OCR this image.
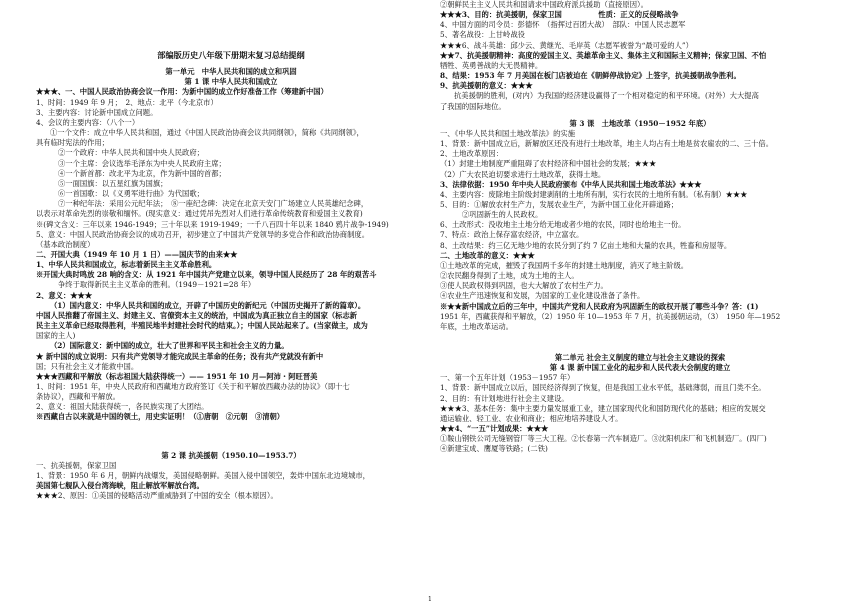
部编版历史八年级下册期末复习总结提纲
第一单元　中华人民共和国的成立和巩固
第 1 课 中华人民共和国成立
★★★、一、中国人民政治协商会议一作用：为新中国的成立作好准备工作（筹建新中国）
1、时间：1949 年 9 月；　2、地点：北平（今北京市）
3、主要内容：讨论新中国成立问题。
4、会议的主要内容：（八个一）
①一个文件：成立中华人民共和国，通过《中国人民政治协商会议共同纲领》，简称《共同纲领》，
具有临时宪法的作用；
②一个政府：中华人民共和国中央人民政府；
③一个主席：会议选举毛泽东为中央人民政府主席；
④一个新首都：改北平为北京，作为新中国的首都；
⑤一面国旗：以五星红旗为国旗；
⑥一首国歌：以《义勇军进行曲》为代国歌；
⑦一种纪年法：采用公元纪年法；　⑧一座纪念碑：决定在北京天安门广场建立人民英雄纪念碑，
以表示对革命先烈的崇敬和缅怀。(现实意义：通过凭吊先烈对人们进行革命传统教育和爱国主义教育)
※(碑文含义：三年以来 1946-1949；三十年以来 1919-1949；一千八百四十年以来 1840 鸦片战争-1949)
5、意义：中国人民政治协商会议的成功召开，初步建立了中国共产党领导的多党合作和政治协商制度。
（基本政治制度）
二、开国大典（1949 年 10 月 1 日）——国庆节的由来★★
1、中华人民共和国成立，标志着新民主主义革命胜利。
※开国大典时鸣放 28 响的含义：从 1921 年中国共产党建立以来，领导中国人民经历了 28 年的艰苦斗
争终于取得新民主主义革命的胜利。（1949－1921=28 年）
2、意义：★★★
（1）国内意义：中华人民共和国的成立，开辟了中国历史的新纪元（中国历史揭开了新的篇章）。
中国人民推翻了帝国主义、封建主义、官僚资本主义的统治，中国成为真正独立自主的国家（标志新
民主主义革命已经取得胜利，半殖民地半封建社会时代的结束。）；中国人民站起来了。(当家做主，成为
国家的主人)
（2）国际意义：新中国的成立，壮大了世界和平民主和社会主义的力量。
★ 新中国的成立说明：只有共产党领导才能完成民主革命的任务；没有共产党就没有新中
国；只有社会主义才能救中国。
★★★西藏和平解放（标志祖国大陆获得统一）—— 1951 年 10 月—阿沛・阿旺晋美
1、时间：1951 年，中央人民政府和西藏地方政府签订《关于和平解放西藏办法的协议》（即十七
条协议），西藏和平解放。
2、意义：祖国大陆获得统一，各民族实现了大团结。
※西藏自古以来就是中国的领土，用史实证明！（①唐朝　②元朝　③清朝）
第 2 课 抗美援朝（1950.10—1953.7）
一、抗美援朝，保家卫国
1、背景：1950 年 6 月，朝鲜内战爆发，美国侵略朝鲜。美国入侵中国领空，轰炸中国东北边境城市，
美国第七舰队入侵台湾海峡，阻止解放军解放台湾。
★★★2、原因：①美国的侵略活动严重威胁到了中国的安全（根本原因）。
②朝鲜民主主义人民共和国请求中国政府派兵援助（直接原因）。
★★★3、目的：抗美援朝，保家卫国　　　　　性质：正义的反侵略战争
4、中国方面的司令员：彭德怀　（指挥过百团大战）　部队：中国人民志愿军
5、著名战役：上甘岭战役
★★★6、战斗英雄：邱少云、黄继光、毛岸英（志愿军被誉为“最可爱的人”）
★★7、抗美援朝精神：高度的爱国主义、英雄革命主义、集体主义和国际主义精神；保家卫国、不怕
牺牲、英勇善战的大无畏精神。
8、结果：1953 年 7 月美国在板门店被迫在《朝鲜停战协定》上签字，抗美援朝战争胜利。
9、抗美援朝的意义：★★★
抗美援朝的胜利，(对内）为我国的经济建设赢得了一个相对稳定的和平环境。(对外）大大提高
了我国的国际地位。
第 3 课　土地改革（1950－1952 年底）
一、《中华人民共和国土地改革法》的实施
1、背景：新中国成立后，新解放区还没有进行土地改革，地主人均占有土地是贫农雇农的二、三十倍。
2、土地改革原因：
（1）封建土地制度严重阻碍了农村经济和中国社会的发展；★★★
（2）广大农民迫切要求进行土地改革，获得土地。
3、法律依据：1950 年中央人民政府颁布《中华人民共和国土地改革法》★★★
4、主要内容：废除地主阶级封建剥削的土地所有制，实行农民的土地所有制。（私有制）★★★
5、目的：①解放农村生产力，发展农业生产，为新中国工业化开辟道路；
②巩固新生的人民政权。
6、土改形式：没收地主土地分给无地或者少地的农民，同时也给地主一份。
7、特点：政治上保存富农经济，中立富农。
8、土改结果：约三亿无地少地的农民分到了约 7 亿亩土地和大量的农具，牲畜和房屋等。
二、土地改革的意义：★★★
①土地改革的完成，摧毁了我国两千多年的封建土地制度，消灭了地主阶级。
②农民翻身得到了土地，成为土地的主人。
③使人民政权得到巩固，也大大解放了农村生产力。
④农业生产迅速恢复和发展，为国家的工业化建设准备了条件。
※★★新中国成立后的三年中，中国共产党和人民政府为巩固新生的政权开展了哪些斗争？答：(1)
1951 年，西藏获得和平解放，（2）1950 年 10—1953 年 7 月，抗美援朝运动，（3）　1950 年—1952
年底，土地改革运动。
第二单元 社会主义制度的建立与社会主义建设的探索
第 4 课 新中国工业化的起步和人民代表大会制度的建立
一、第一个五年计划（1953－1957 年）
1、背景：新中国成立以后，国民经济得到了恢复，但是我国工业水平低，基础薄弱，而且门类不全。
2、目的：有计划地进行社会主义建设。
★★★3、基本任务：集中主要力量发展重工业，建立国家现代化和国防现代化的基础；相应的发展交
通运输业、轻工业、农业和商业；相应地培养建设人才。
★★4、“一五”计划成果：★★★
①鞍山钢铁公司无缝钢管厂等三大工程。②长春第一汽车制造厂。③沈阳机床厂和飞机制造厂。(四厂)
④新建宝成、鹰厦等铁路；(二铁)
1
